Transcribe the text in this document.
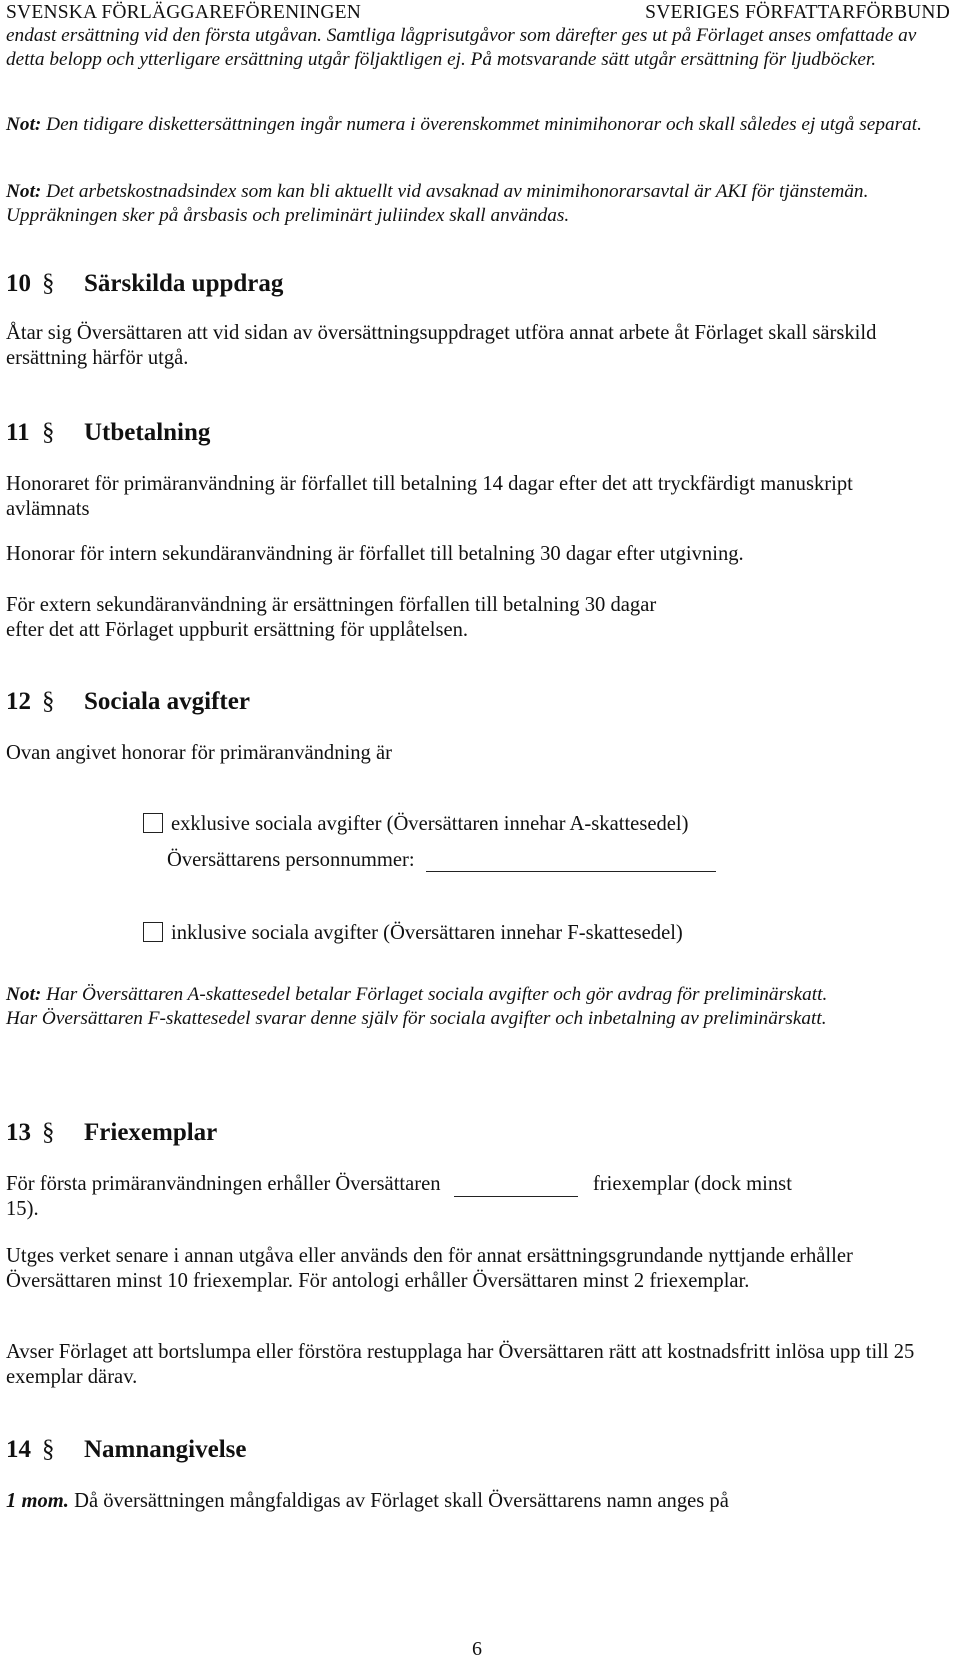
SVENSKA FÖRLÄGGAREFÖRENINGEN	SVERIGES FÖRFATTARFÖRBUND
endast ersättning vid den första utgåvan. Samtliga lågprisutgåvor som därefter ges ut på Förlaget anses omfattade av detta belopp och ytterligare ersättning utgår följaktligen ej. På motsvarande sätt utgår ersättning för ljudböcker.
Not: Den tidigare diskettersättningen ingår numera i överenskommet minimihonorar och skall således ej utgå separat.
Not: Det arbetskostnadsindex som kan bli aktuellt vid avsaknad av minimihonorarsavtal är AKI för tjänstemän. Uppräkningen sker på årsbasis och preliminärt juliindex skall användas.
10 § Särskilda uppdrag
Åtar sig Översättaren att vid sidan av översättningsuppdraget utföra annat arbete åt Förlaget skall särskild ersättning härför utgå.
11 § Utbetalning
Honoraret för primäranvändning är förfallet till betalning 14 dagar efter det att tryckfärdigt manuskript avlämnats
Honorar för intern sekundäranvändning är förfallet till betalning 30 dagar efter utgivning.
För extern sekundäranvändning är ersättningen förfallen till betalning 30 dagar
efter det att Förlaget uppburit ersättning för upplåtelsen.
12 § Sociala avgifter
Ovan angivet honorar för primäranvändning är
exklusive sociala avgifter (Översättaren innehar A-skattesedel)
Översättarens personnummer:
inklusive sociala avgifter (Översättaren innehar F-skattesedel)
Not: Har Översättaren A-skattesedel betalar Förlaget sociala avgifter och gör avdrag för preliminärskatt.
Har Översättaren F-skattesedel svarar denne själv för sociala avgifter och inbetalning av preliminärskatt.
13 § Friexemplar
För första primäranvändningen erhåller Översättaren	friexemplar (dock minst
15).
Utges verket senare i annan utgåva eller används den för annat ersättningsgrundande nyttjande erhåller Översättaren minst 10 friexemplar. För antologi erhåller Översättaren minst 2 friexemplar.
Avser Förlaget att bortslumpa eller förstöra restupplaga har Översättaren rätt att kostnadsfritt inlösa upp till 25 exemplar därav.
14 § Namnangivelse
1 mom. Då översättningen mångfaldigas av Förlaget skall Översättarens namn anges på
6
